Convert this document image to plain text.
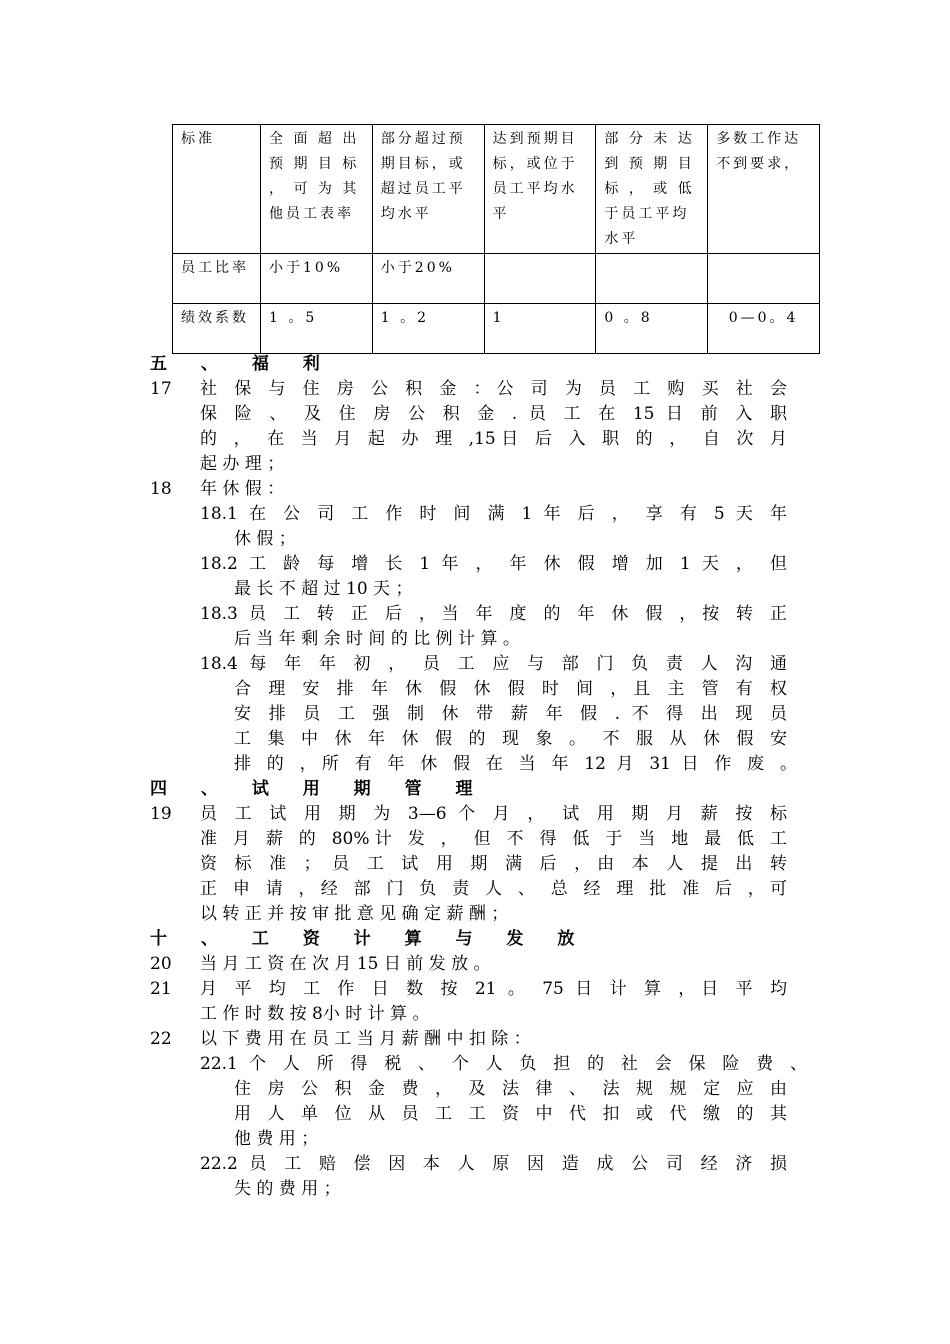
标准	全 面 超 出 预 期 目 标 ， 可 为 其他员工表率	部分超过预期目标，或超过员工平均水平	达到预期目标，或位于员工平均水平	部 分 未 达 到 预 期 目 标 ， 或 低 于员工平均水平	多数工作达不到要求，
员工比率	小于10%	小于20%			
绩效系数	1 。5	1 。2	1	0 。8	0—0。4
五 、 福 利
17 社 保 与 住 房 公 积 金 ：公 司 为 员 工 购 买 社 会
保 险 、 及 住 房 公 积 金 . 员 工 在 15 日 前 入 职
的 ， 在 当 月 起 办 理 ,15日 后 入 职 的 ， 自 次 月
起 办 理 ；
18 年 休 假 ：
18.1 在 公 司 工 作 时 间 满 1 年 后 ， 享 有 5 天 年
休 假 ；
18.2 工 龄 每 增 长 1 年 ， 年 休 假 增 加 1 天 ， 但
最 长 不 超 过 10 天 ；
18.3 员 工 转 正 后 ，当 年 度 的 年 休 假 ，按 转 正
后 当 年 剩 余 时 间 的 比 例 计 算 。
18.4 每 年 年 初 ， 员 工 应 与 部 门 负 责 人 沟 通
合 理 安 排 年 休 假 休 假 时 间 ，且 主 管 有 权
安 排 员 工 强 制 休 带 薪 年 假 . 不 得 出 现 员
工 集 中 休 年 休 假 的 现 象 。 不 服 从 休 假 安
排 的 ，所 有 年 休 假 在 当 年 12 月 31 日 作 废 。
四 、 试 用 期 管 理
19 员 工 试 用 期 为 3—6 个 月 ， 试 用 期 月 薪 按 标
准 月 薪 的 80%计 发 ， 但 不 得 低 于 当 地 最 低 工
资 标 准 ； 员 工 试 用 期 满 后 ，由 本 人 提 出 转
正 申 请 ，经 部 门 负 责 人 、 总 经 理 批 准 后 ，可
以 转 正 并 按 审 批 意 见 确 定 薪 酬 ；
十 、 工 资 计 算 与 发 放
20 当 月 工 资 在 次 月 15 日 前 发 放 。
21 月 平 均 工 作 日 数 按 21 。 75 日 计 算 ，日 平 均
工 作 时 数 按 8小 时 计 算 。
22 以 下 费 用 在 员 工 当 月 薪 酬 中 扣 除 ：
22.1 个 人 所 得 税 、 个 人 负 担 的 社 会 保 险 费 、
住 房 公 积 金 费 ， 及 法 律 、 法 规 规 定 应 由
用 人 单 位 从 员 工 工 资 中 代 扣 或 代 缴 的 其
他 费 用 ；
22.2 员 工 赔 偿 因 本 人 原 因 造 成 公 司 经 济 损
失 的 费 用 ；
